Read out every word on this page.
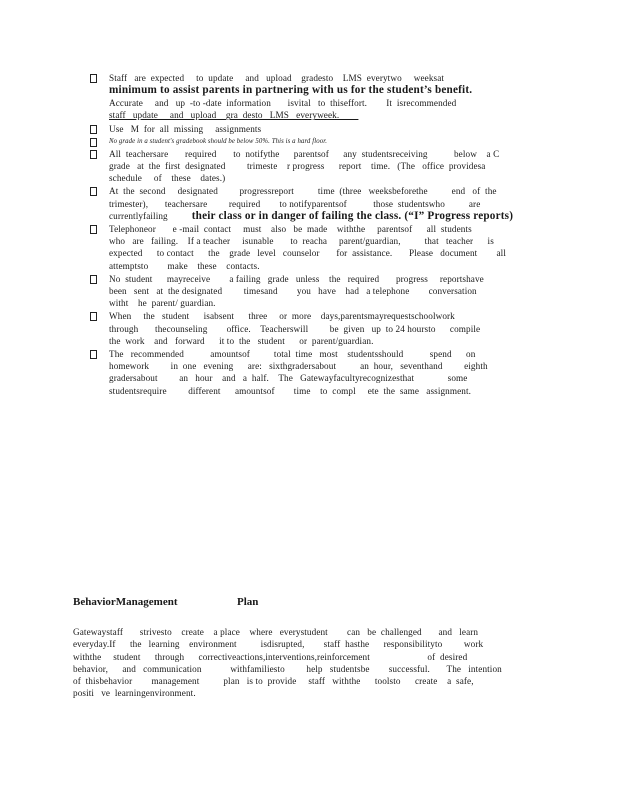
Staff   are  expected     to  update     and   upload    gradesto    LMS  everytwo     weeksat
minimum to assist parents in partnering with us for the student’s benefit.
Accurate     and   up  -to -date  information       isvital   to  thiseffort.        It  isrecommended
staff   update     and   upload    gra  desto   LMS   everyweek.
Use   M  for  all  missing     assignments
No grade in a student's gradebook should be below 50%. This is a hard floor.
All  teachersare       required       to  notifythe      parentsof      any  studentsreceiving           below    a C
grade   at  the  first  designated         trimeste    r progress      report    time.   (The   office  providesa
schedule     of    these    dates.)
At  the  second     designated         progressreport          time  (three   weeksbeforethe          end   of  the
trimester),       teachersare         required        to notifyparentsof           those  studentswho          are
currentlyfailing        their class or in danger of failing the class. (“I” Progress reports)
Telephoneor       e -mail  contact     must    also   be  made    withthe     parentsof      all  students
who   are   failing.    If a teacher     isunable       to  reacha     parent/guardian,          that   teacher      is
expected      to contact      the    grade   level   counselor       for  assistance.       Please   document        all
attemptsto        make    these    contacts.
No  student      mayreceive        a failing   grade   unless    the   required       progress     reportshave
been   sent   at  the designated         timesand        you   have    had   a telephone        conversation
witht    he  parent/ guardian.
When     the   student      isabsent      three     or  more    days,parentsmayrequestschoolwork
through       thecounseling        office.    Teacherswill         be  given   up  to 24 hoursto      compile
the  work    and   forward      it to  the   student      or  parent/guardian.
The   recommended           amountsof          total  time   most    studentsshould           spend      on
homework         in  one   evening      are:   sixthgradersabout          an  hour,   seventhand         eighth
gradersabout         an   hour    and   a  half.    The   Gatewayfacultyrecognizesthat              some
studentsrequire         different      amountsof        time    to  compl     ete  the  same   assignment.
BehaviorManagement	Plan
Gatewaystaff       strivesto    create    a place    where   everystudent        can   be  challenged       and   learn
everyday.If      the   learning    environment          isdisrupted,        staff  hasthe      responsibilityto         work
withthe     student      through      correctiveactions,interventions,reinforcement                        of  desired
behavior,      and   communication            withfamiliesto         help   studentsbe        successful.       The   intention
of  thisbehavior        management          plan   is to  provide     staff   withthe      toolsto      create    a  safe,
positi   ve  learningenvironment.
